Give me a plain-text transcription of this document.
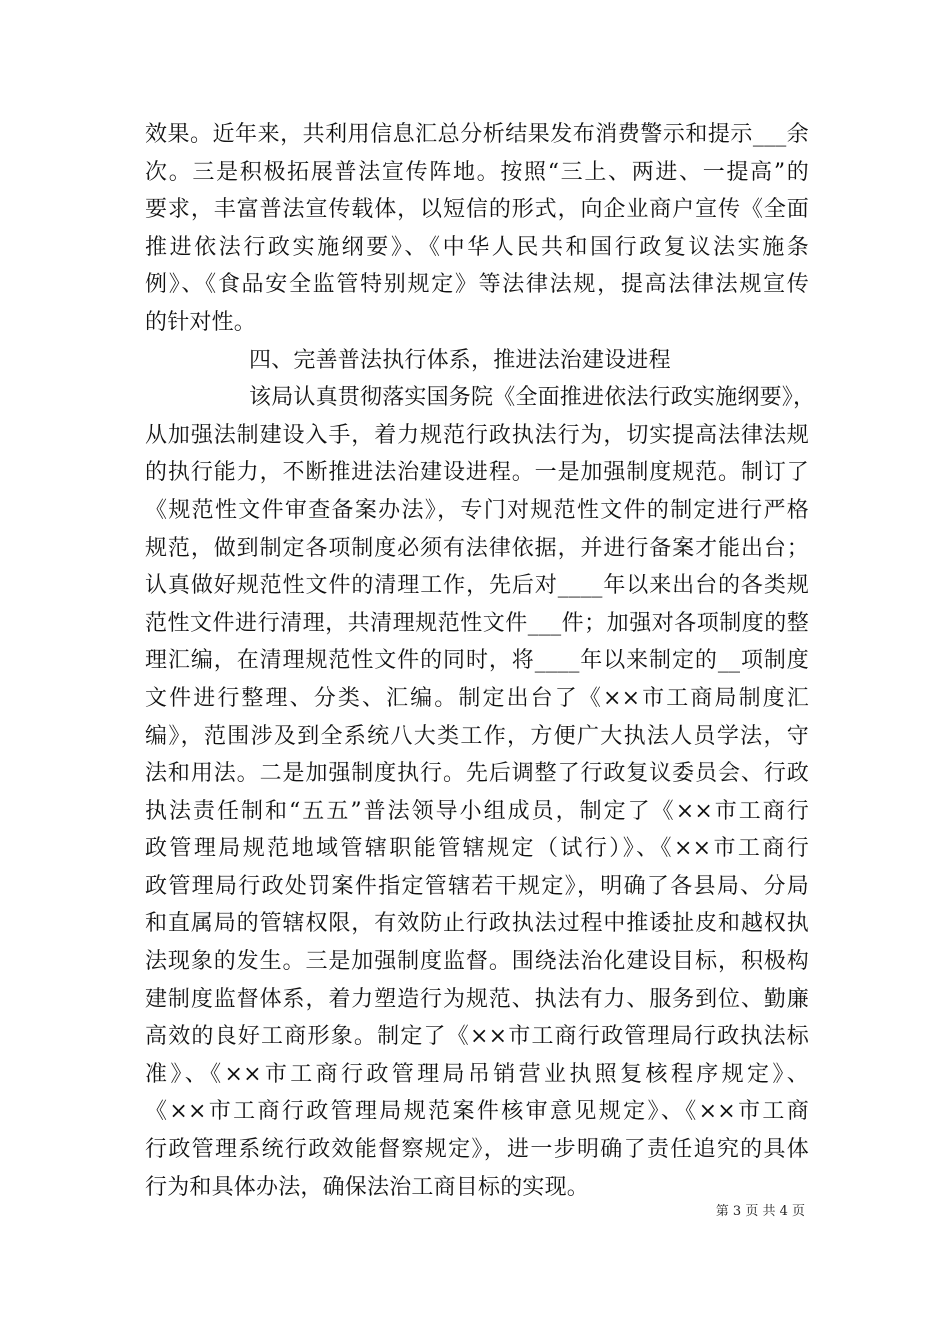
效果。近年来，共利用信息汇总分析结果发布消费警示和提示___余
次。三是积极拓展普法宣传阵地。按照“三上、两进、一提高”的
要求，丰富普法宣传载体，以短信的形式，向企业商户宣传《全面
推进依法行政实施纲要》、《中华人民共和国行政复议法实施条
例》、《食品安全监管特别规定》等法律法规，提高法律法规宣传
的针对性。
四、完善普法执行体系，推进法治建设进程
该局认真贯彻落实国务院《全面推进依法行政实施纲要》，
从加强法制建设入手，着力规范行政执法行为，切实提高法律法规
的执行能力，不断推进法治建设进程。一是加强制度规范。制订了
《规范性文件审查备案办法》，专门对规范性文件的制定进行严格
规范，做到制定各项制度必须有法律依据，并进行备案才能出台；
认真做好规范性文件的清理工作，先后对____年以来出台的各类规
范性文件进行清理，共清理规范性文件___件；加强对各项制度的整
理汇编，在清理规范性文件的同时，将____年以来制定的__项制度
文件进行整理、分类、汇编。制定出台了《××市工商局制度汇
编》，范围涉及到全系统八大类工作，方便广大执法人员学法，守
法和用法。二是加强制度执行。先后调整了行政复议委员会、行政
执法责任制和“五五”普法领导小组成员，制定了《××市工商行
政管理局规范地域管辖职能管辖规定（试行）》、《××市工商行
政管理局行政处罚案件指定管辖若干规定》，明确了各县局、分局
和直属局的管辖权限，有效防止行政执法过程中推诿扯皮和越权执
法现象的发生。三是加强制度监督。围绕法治化建设目标，积极构
建制度监督体系，着力塑造行为规范、执法有力、服务到位、勤廉
高效的良好工商形象。制定了《××市工商行政管理局行政执法标
准》、《××市工商行政管理局吊销营业执照复核程序规定》、
《××市工商行政管理局规范案件核审意见规定》、《××市工商
行政管理系统行政效能督察规定》，进一步明确了责任追究的具体
行为和具体办法，确保法治工商目标的实现。
第 3 页 共 4 页
